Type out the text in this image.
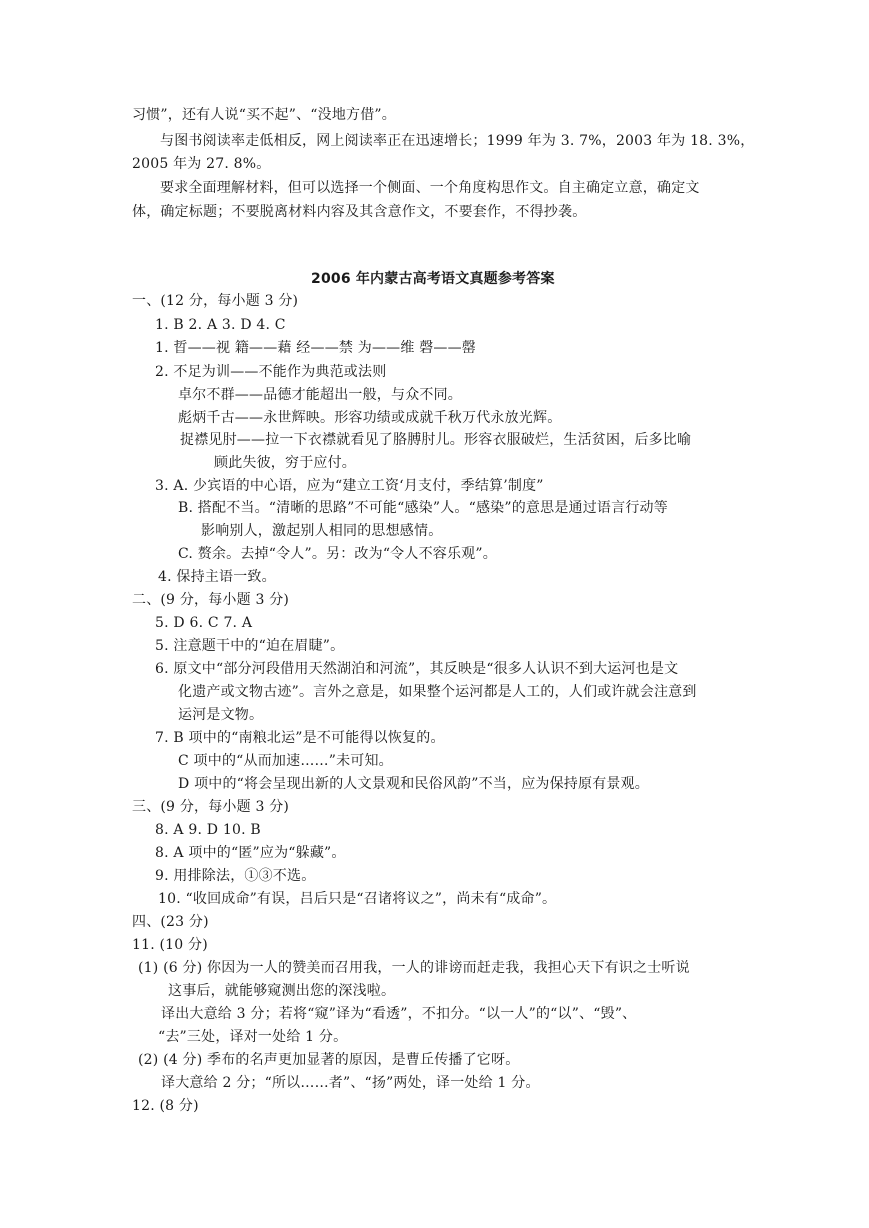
习惯”，还有人说“买不起”、“没地方借”。
与图书阅读率走低相反，网上阅读率正在迅速增长；1999 年为 3. 7%，2003 年为 18. 3%，
2005 年为 27. 8%。
要求全面理解材料，但可以选择一个侧面、一个角度构思作文。自主确定立意，确定文
体，确定标题；不要脱离材料内容及其含意作文，不要套作，不得抄袭。
2006 年内蒙古高考语文真题参考答案
一、(12 分，每小题 3 分)
1. B 2. A 3. D 4. C
1. 晢——视 籍——藉 经——禁 为——维 磬——罄
2. 不足为训——不能作为典范或法则
卓尔不群——品德才能超出一般，与众不同。
彪炳千古——永世辉映。形容功绩或成就千秋万代永放光辉。
捉襟见肘——拉一下衣襟就看见了胳膊肘儿。形容衣服破烂，生活贫困，后多比喻
顾此失彼，穷于应付。
3. A. 少宾语的中心语，应为“建立工资‘月支付，季结算’制度”
B. 搭配不当。“清晰的思路”不可能“感染”人。“感染”的意思是通过语言行动等
影响别人，激起别人相同的思想感情。
C. 赘余。去掉“令人”。另：改为“令人不容乐观”。
4. 保持主语一致。
二、(9 分，每小题 3 分)
5. D 6. C 7. A
5. 注意题干中的“迫在眉睫”。
6. 原文中“部分河段借用天然湖泊和河流”，其反映是“很多人认识不到大运河也是文
化遗产或文物古迹”。言外之意是，如果整个运河都是人工的，人们或许就会注意到
运河是文物。
7. B 项中的“南粮北运”是不可能得以恢复的。
C 项中的“从而加速……”未可知。
D 项中的“将会呈现出新的人文景观和民俗风韵”不当，应为保持原有景观。
三、(9 分，每小题 3 分)
8. A 9. D 10. B
8. A 项中的“匿”应为“躲藏”。
9. 用排除法，①③不选。
10. “收回成命”有误，吕后只是“召诸将议之”，尚未有“成命”。
四、(23 分)
11. (10 分)
(1) (6 分) 你因为一人的赞美而召用我，一人的诽谤而赶走我，我担心天下有识之士听说
这事后，就能够窥测出您的深浅啦。
译出大意给 3 分；若将“窥”译为“看透”，不扣分。“以一人”的“以”、“毁”、
“去”三处，译对一处给 1 分。
(2) (4 分) 季布的名声更加显著的原因，是曹丘传播了它呀。
译大意给 2 分；“所以……者”、“扬”两处，译一处给 1 分。
12. (8 分)
